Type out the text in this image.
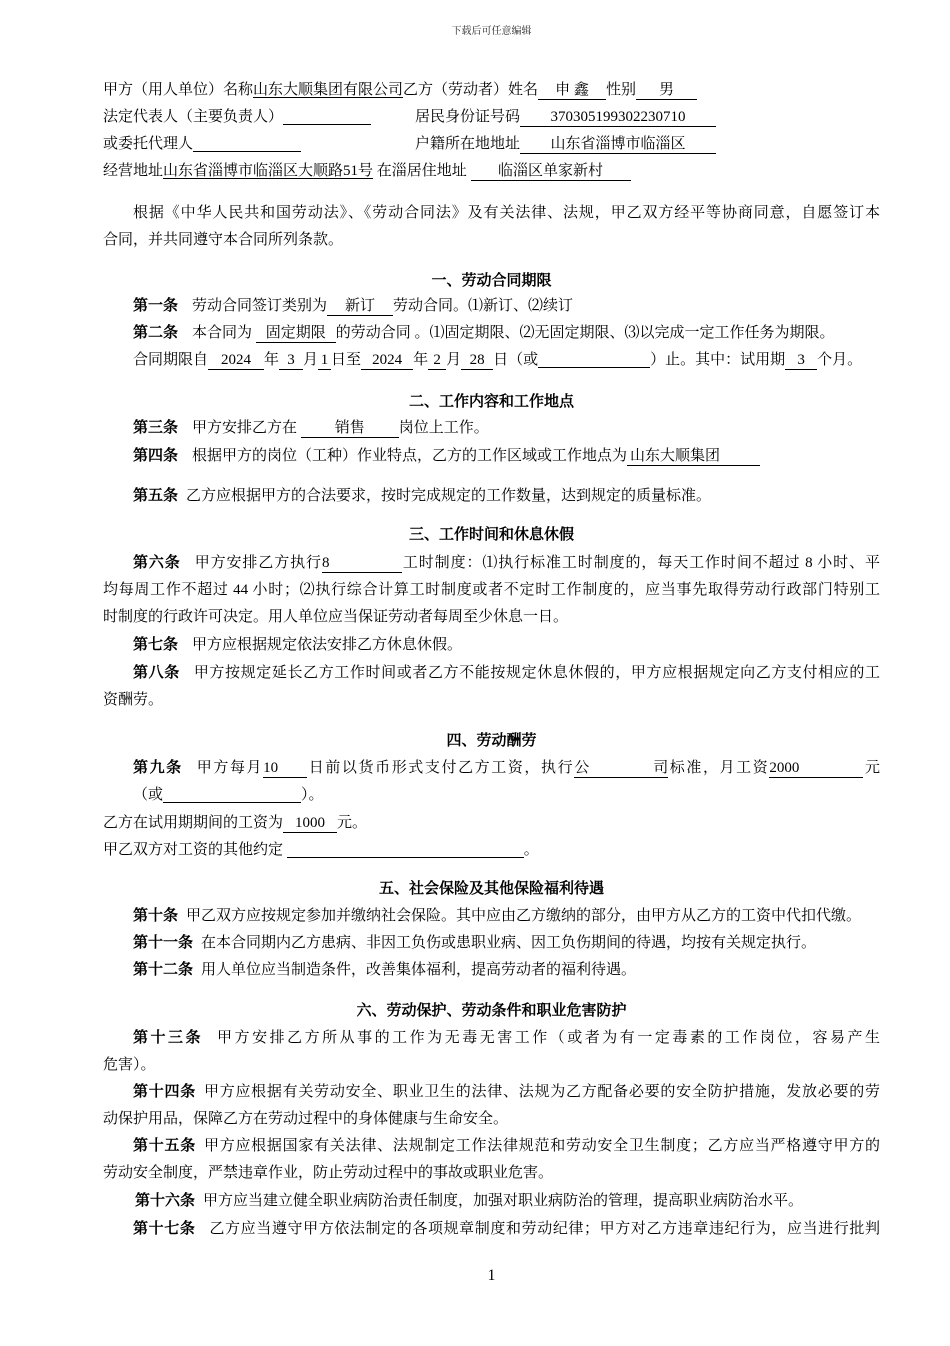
下载后可任意编辑
甲方（用人单位）名称山东大顺集团有限公司乙方（劳动者）姓名 申 鑫 性别 男
法定代表人（主要负责人）	居民身份证号码 370305199302230710
或委托代理人	户籍所在地地址 山东省淄博市临淄区
经营地址山东省淄博市临淄区大顺路51号 在淄居住地址 临淄区单家新村
根据《中华人民共和国劳动法》、《劳动合同法》及有关法律、法规，甲乙双方经平等协商同意，自愿签订本
合同，并共同遵守本合同所列条款。
一、劳动合同期限
第一条 劳动合同签订类别为 新订 劳动合同。⑴新订、⑵续订
第二条 本合同为 固定期限 的劳动合同 。⑴固定期限、⑵无固定期限、⑶以完成一定工作任务为期限。
合同期限自 2024 年 3 月 1 日至 2024 年 2 月 28 日（或	）止。其中：试用期 3 个月。
二、工作内容和工作地点
第三条 甲方安排乙方在	销售 岗位上工作。
第四条 根据甲方的岗位（工种）作业特点，乙方的工作区域或工作地点为 山东大顺集团
第五条 乙方应根据甲方的合法要求，按时完成规定的工作数量，达到规定的质量标准。
三、工作时间和休息休假
第六条 甲方安排乙方执行8	工时制度：⑴执行标准工时制度的，每天工作时间不超过 8 小时、平
均每周工作不超过 44 小时；⑵执行综合计算工时制度或者不定时工作制度的，应当事先取得劳动行政部门特别工
时制度的行政许可决定。用人单位应当保证劳动者每周至少休息一日。
第七条 甲方应根据规定依法安排乙方休息休假。
第八条 甲方按规定延长乙方工作时间或者乙方不能按规定休息休假的，甲方应根据规定向乙方支付相应的工
资酬劳。
四、劳动酬劳
第九条 甲方每月10 日前以货币形式支付乙方工资，执行公司标准，月工资2000	元
（或	）。
乙方在试用期期间的工资为 1000 元。
甲乙双方对工资的其他约定	。
五、社会保险及其他保险福利待遇
第十条 甲乙双方应按规定参加并缴纳社会保险。其中应由乙方缴纳的部分，由甲方从乙方的工资中代扣代缴。
第十一条 在本合同期内乙方患病、非因工负伤或患职业病、因工负伤期间的待遇，均按有关规定执行。
第十二条 用人单位应当制造条件，改善集体福利，提高劳动者的福利待遇。
六、劳动保护、劳动条件和职业危害防护
第十三条 甲方安排乙方所从事的工作为无毒无害工作（或者为有一定毒素的工作岗位，容易产生
危害）。
第十四条 甲方应根据有关劳动安全、职业卫生的法律、法规为乙方配备必要的安全防护措施，发放必要的劳
动保护用品，保障乙方在劳动过程中的身体健康与生命安全。
第十五条 甲方应根据国家有关法律、法规制定工作法律规范和劳动安全卫生制度；乙方应当严格遵守甲方的
劳动安全制度，严禁违章作业，防止劳动过程中的事故或职业危害。
第十六条 甲方应当建立健全职业病防治责任制度，加强对职业病防治的管理，提高职业病防治水平。
第十七条 乙方应当遵守甲方依法制定的各项规章制度和劳动纪律；甲方对乙方违章违纪行为，应当进行批判
1
